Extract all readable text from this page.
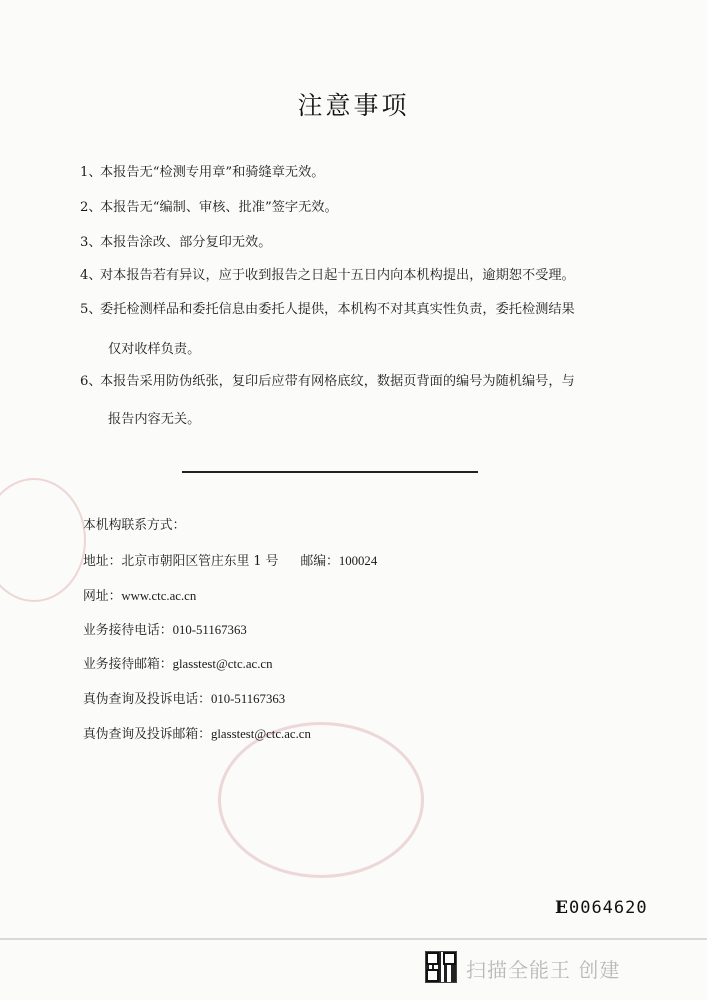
注意事项
1、本报告无“检测专用章”和骑缝章无效。
2、本报告无“编制、审核、批准”签字无效。
3、本报告涂改、部分复印无效。
4、对本报告若有异议，应于收到报告之日起十五日内向本机构提出，逾期恕不受理。
5、委托检测样品和委托信息由委托人提供，本机构不对其真实性负责，委托检测结果
仅对收样负责。
6、本报告采用防伪纸张，复印后应带有网格底纹，数据页背面的编号为随机编号，与
报告内容无关。
本机构联系方式：
地址：北京市朝阳区管庄东里 1 号 邮编：100024
网址：www.ctc.ac.cn
业务接待电话：010-51167363
业务接待邮箱：glasstest@ctc.ac.cn
真伪查询及投诉电话：010-51167363
真伪查询及投诉邮箱：glasstest@ctc.ac.cn
E0064620
扫描全能王 创建
